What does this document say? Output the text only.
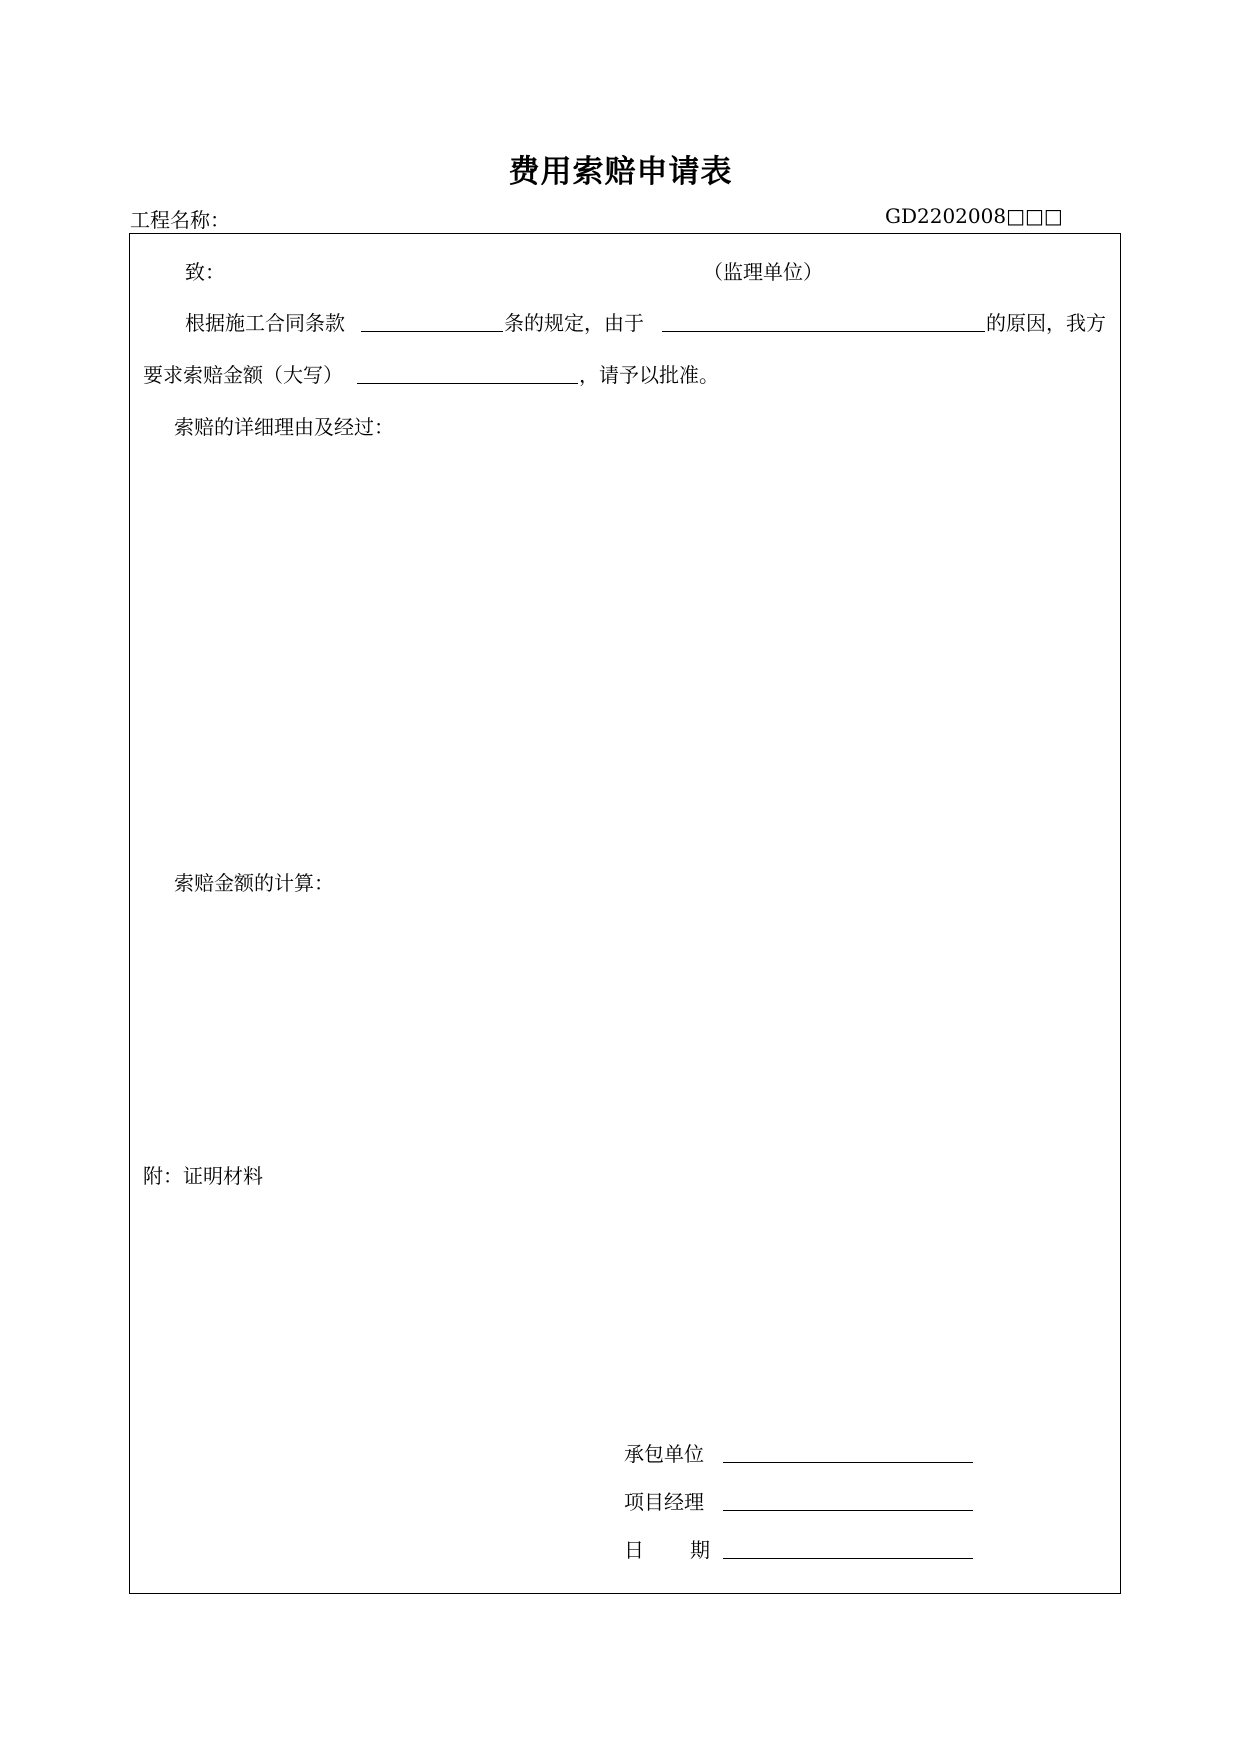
费用索赔申请表
工程名称：	GD2202008□□□
致：	（监理单位）
根据施工合同条款	条的规定，由于	的原因，我方
要求索赔金额（大写）	，请予以批准。
索赔的详细理由及经过：
索赔金额的计算：
附：证明材料
承包单位
项目经理
日 期
